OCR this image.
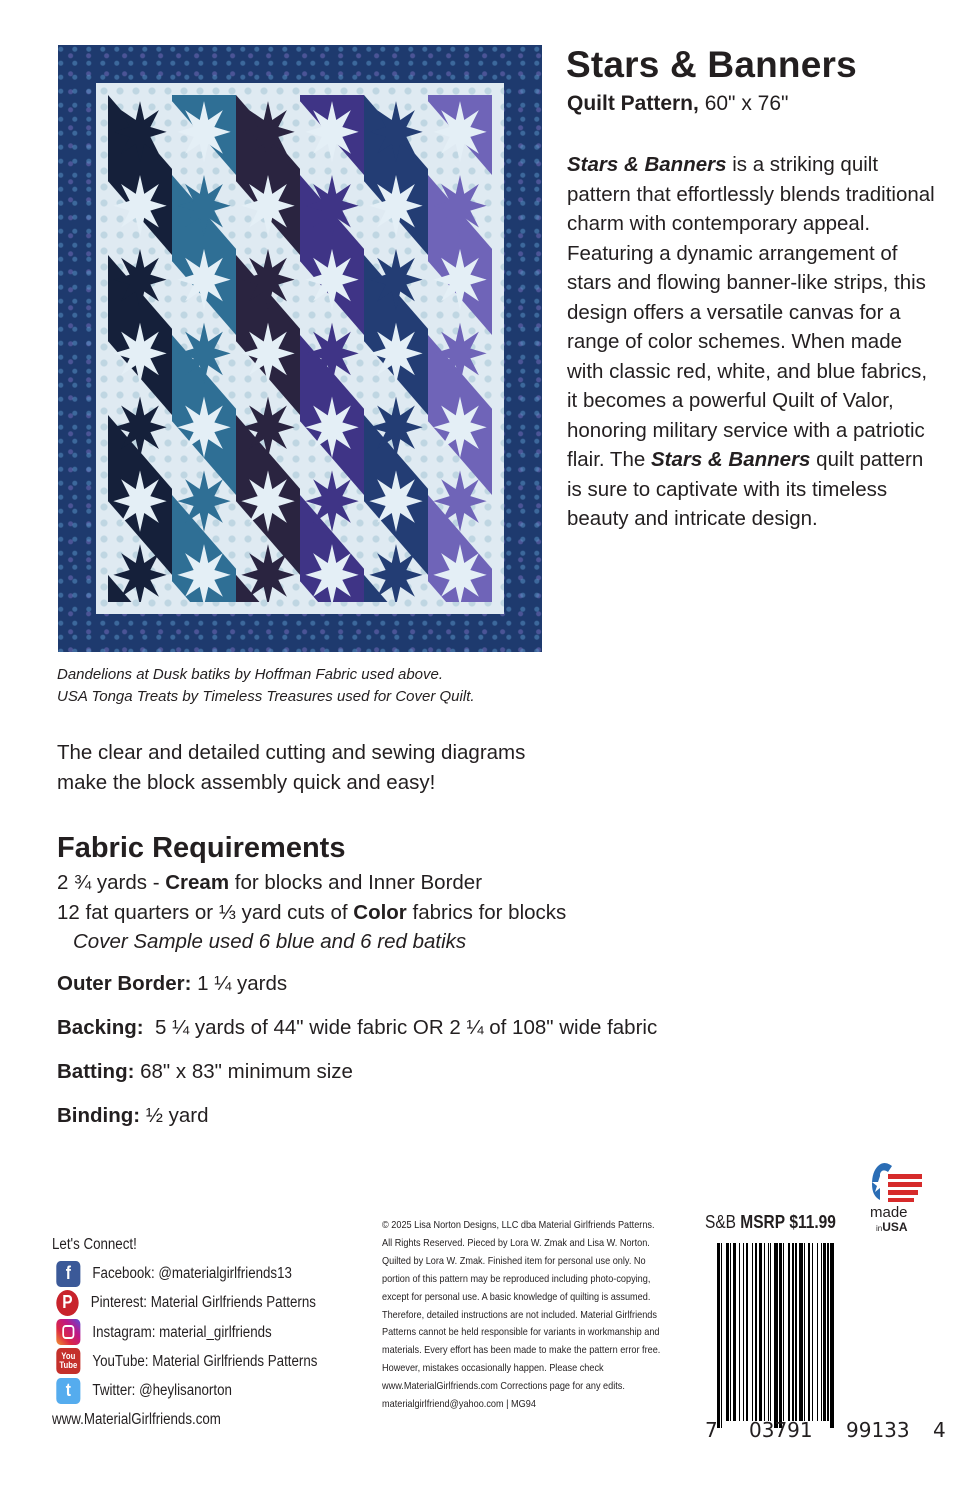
Dandelions at Dusk batiks by Hoffman Fabric used above.
USA Tonga Treats by Timeless Treasures used for Cover Quilt.
Stars & Banners
Quilt Pattern, 60" x 76"
Stars & Banners is a striking quilt pattern that effortlessly blends traditional charm with contemporary appeal. Featuring a dynamic arrangement of stars and flowing banner-like strips, this design offers a versatile canvas for a range of color schemes. When made with classic red, white, and blue fabrics, it becomes a powerful Quilt of Valor, honoring military service with a patriotic flair. The Stars & Banners quilt pattern is sure to captivate with its timeless beauty and intricate design.
The clear and detailed cutting and sewing diagrams
make the block assembly quick and easy!
Fabric Requirements
2 ¾ yards - Cream for blocks and Inner Border
12 fat quarters or ⅓ yard cuts of Color fabrics for blocks
Cover Sample used 6 blue and 6 red batiks
Outer Border: 1 ¼ yards
Backing:  5 ¼ yards of 44" wide fabric OR 2 ¼ of 108" wide fabric
Batting: 68" x 83" minimum size
Binding: ½ yard
Let's Connect!
f	Facebook: @materialgirlfriends13
P	Pinterest: Material Girlfriends Patterns
Instagram: material_girlfriends
You
Tube YouTube: Material Girlfriends Patterns
t	Twitter: @heylisanorton
www.MaterialGirlfriends.com
© 2025 Lisa Norton Designs, LLC dba Material Girlfriends Patterns. All Rights Reserved. Pieced by Lora W. Zmak and Lisa W. Norton. Quilted by Lora W. Zmak. Finished item for personal use only. No portion of this pattern may be reproduced including photo-copying, except for personal use. A basic knowledge of quilting is assumed. Therefore, detailed instructions are not included. Material Girlfriends Patterns cannot be held responsible for variants in workmanship and materials. Every effort has been made to make the pattern error free. However, mistakes occasionally happen. Please check www.MaterialGirlfriends.com Corrections page for any edits.
materialgirlfriend@yahoo.com | MG94
S&B MSRP $11.99 made
inUSA
7 03791 99133 4
